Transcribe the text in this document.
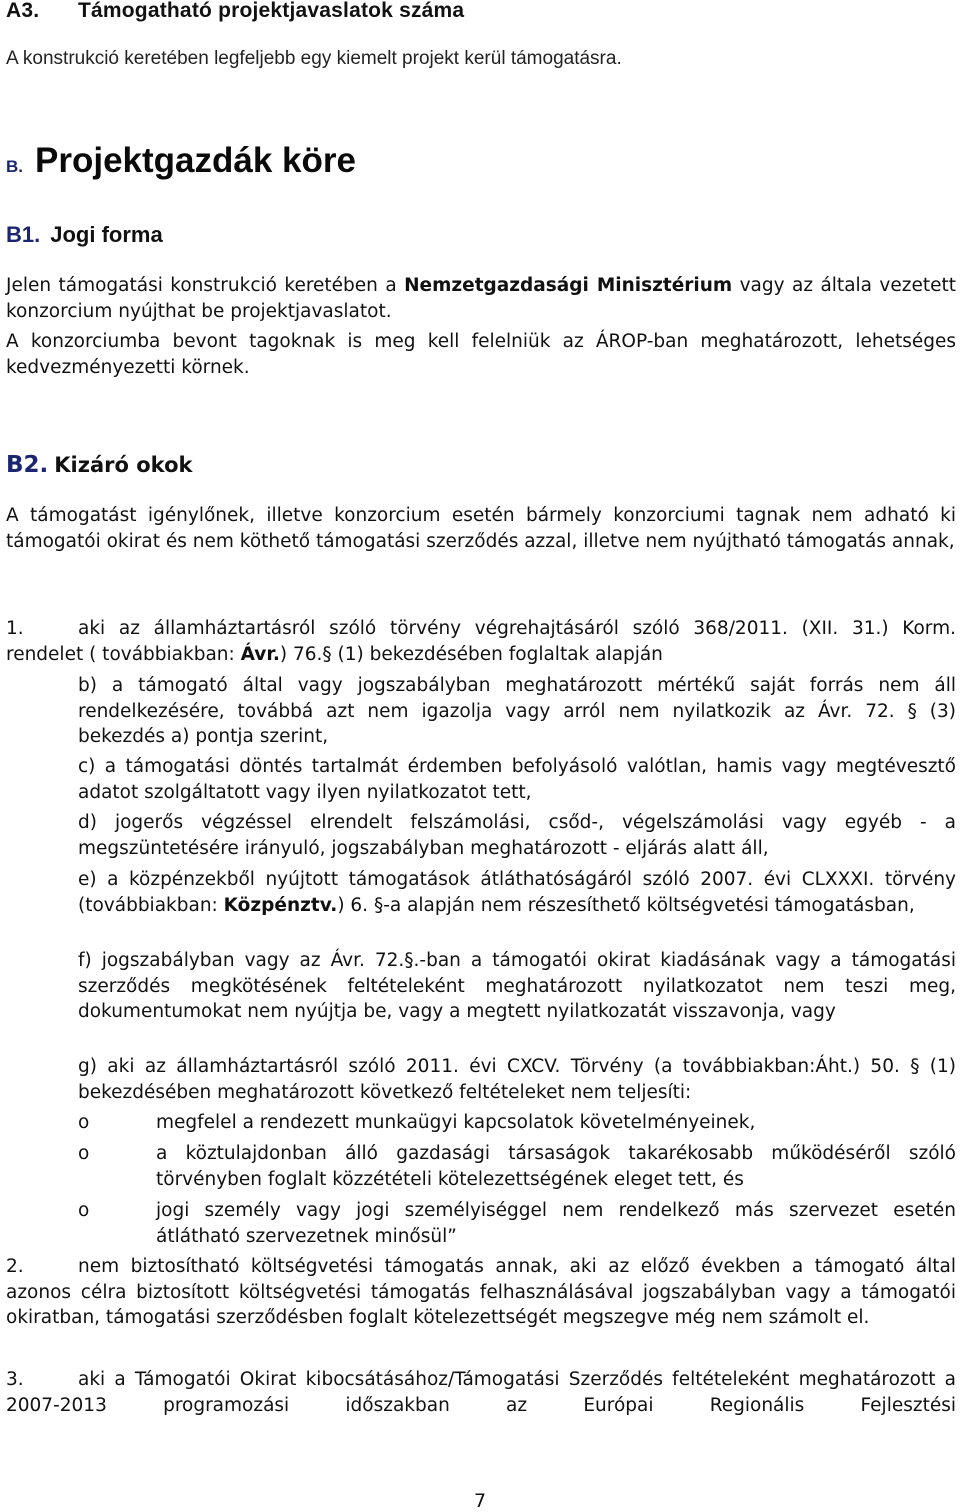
A3. Támogatható projektjavaslatok száma

A konstrukció keretében legfeljebb egy kiemelt projekt kerül támogatásra.

B. Projektgazdák köre
B1. Jogi forma

Jelen támogatási konstrukció keretében a Nemzetgazdasági Minisztérium vagy az általa vezetett konzorcium nyújthat be projektjavaslatot.

A konzorciumba bevont tagoknak is meg kell felelniük az ÁROP-ban meghatározott, lehetséges kedvezményezetti körnek.

B2. Kizáró okok

A támogatást igénylőnek, illetve konzorcium esetén bármely konzorciumi tagnak nem adható ki támogatói okirat és nem köthető támogatási szerződés azzal, illetve nem nyújtható támogatás annak,

1.	aki az államháztartásról szóló törvény végrehajtásáról szóló 368/2011. (XII. 31.) Korm. rendelet ( továbbiakban: Ávr.) 76.§ (1) bekezdésében foglaltak alapján

b) a támogató által vagy jogszabályban meghatározott mértékű saját forrás nem áll rendelkezésére, továbbá azt nem igazolja vagy arról nem nyilatkozik az Ávr. 72. § (3) bekezdés a) pontja szerint,

c) a támogatási döntés tartalmát érdemben befolyásoló valótlan, hamis vagy megtévesztő adatot szolgáltatott vagy ilyen nyilatkozatot tett,

d) jogerős végzéssel elrendelt felszámolási, csőd-, végelszámolási vagy egyéb - a megszüntetésére irányuló, jogszabályban meghatározott - eljárás alatt áll,

e) a közpénzekből nyújtott támogatások átláthatóságáról szóló 2007. évi CLXXXI. törvény (továbbiakban: Közpénztv.) 6. §-a alapján nem részesíthető költségvetési támogatásban,

f) jogszabályban vagy az Ávr. 72.§.-ban a támogatói okirat kiadásának vagy a támogatási szerződés megkötésének feltételeként meghatározott nyilatkozatot nem teszi meg, dokumentumokat nem nyújtja be, vagy a megtett nyilatkozatát visszavonja, vagy

g) aki az államháztartásról szóló 2011. évi CXCV. Törvény (a továbbiakban:Áht.) 50. § (1) bekezdésében meghatározott következő feltételeket nem teljesíti:

o	megfelel a rendezett munkaügyi kapcsolatok követelményeinek,
o	a köztulajdonban álló gazdasági társaságok takarékosabb működéséről szóló törvényben foglalt közzétételi kötelezettségének eleget tett, és
o	jogi személy vagy jogi személyiséggel nem rendelkező más szervezet esetén átlátható szervezetnek minősül”
2.	nem biztosítható költségvetési támogatás annak, aki az előző években a támogató által azonos célra biztosított költségvetési támogatás felhasználásával jogszabályban vagy a támogatói okiratban, támogatási szerződésben foglalt kötelezettségét megszegve még nem számolt el.

3.	aki a Támogatói Okirat kibocsátásához/Támogatási Szerződés feltételeként meghatározott a 2007-2013 programozási időszakban az Európai Regionális Fejlesztési

7
